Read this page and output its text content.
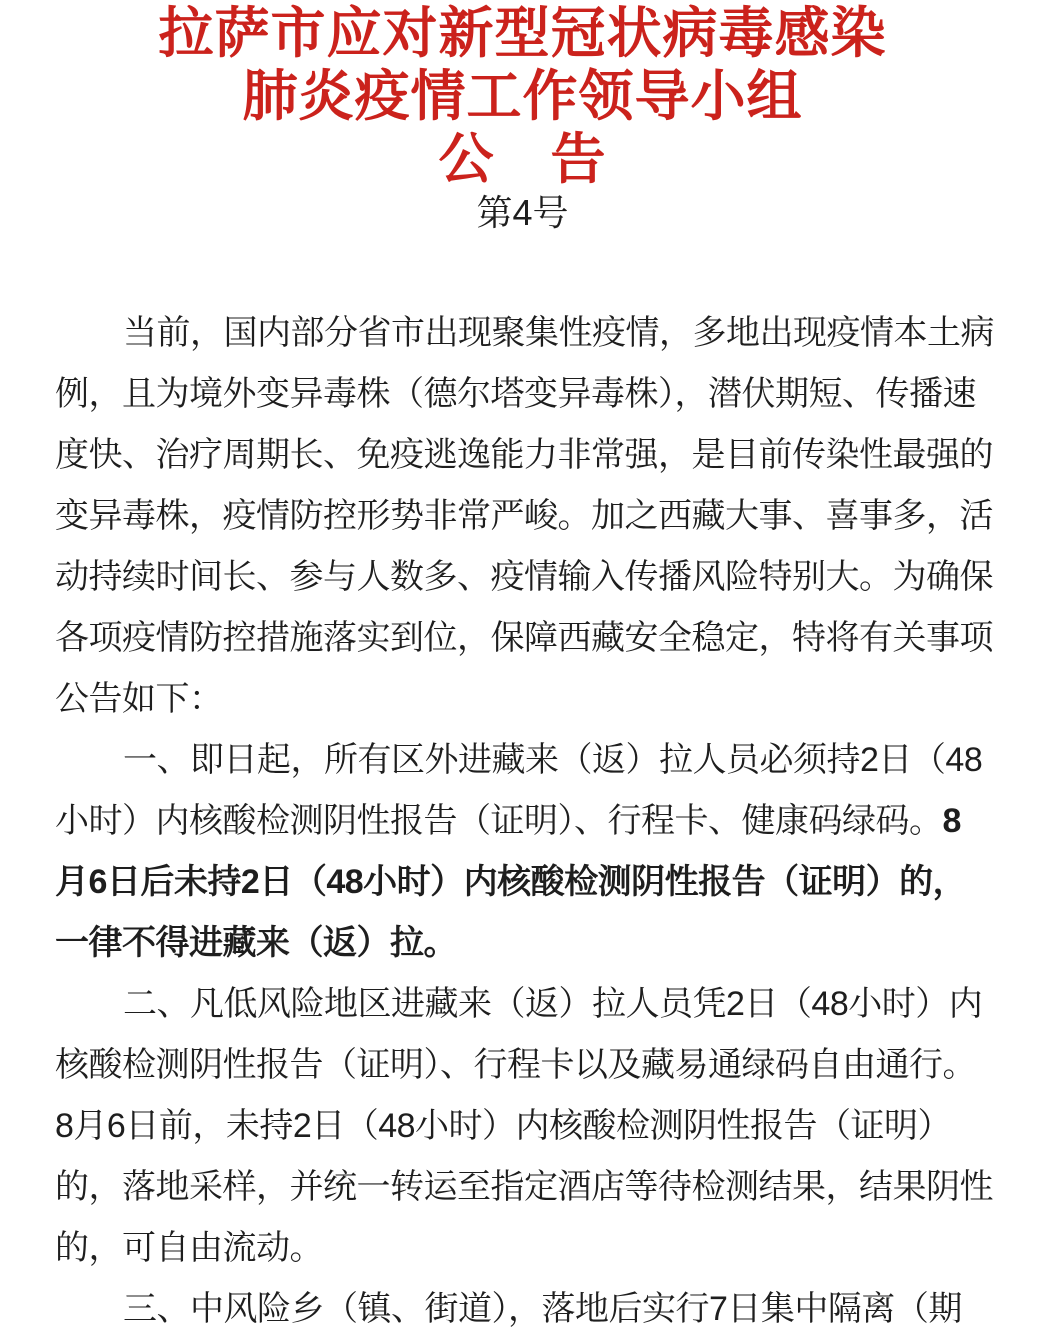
拉萨市应对新型冠状病毒感染
肺炎疫情工作领导小组
公　告
第4号
当前，国内部分省市出现聚集性疫情，多地出现疫情本土病
例，且为境外变异毒株（德尔塔变异毒株），潜伏期短、传播速
度快、治疗周期长、免疫逃逸能力非常强，是目前传染性最强的
变异毒株，疫情防控形势非常严峻。加之西藏大事、喜事多，活
动持续时间长、参与人数多、疫情输入传播风险特别大。为确保
各项疫情防控措施落实到位，保障西藏安全稳定，特将有关事项
公告如下：
一、即日起，所有区外进藏来（返）拉人员必须持2日（48
小时）内核酸检测阴性报告（证明）、行程卡、健康码绿码。8
月6日后未持2日（48小时）内核酸检测阴性报告（证明）的，
一律不得进藏来（返）拉。
二、凡低风险地区进藏来（返）拉人员凭2日（48小时）内
核酸检测阴性报告（证明）、行程卡以及藏易通绿码自由通行。
8月6日前，未持2日（48小时）内核酸检测阴性报告（证明）
的，落地采样，并统一转运至指定酒店等待检测结果，结果阴性
的，可自由流动。
三、中风险乡（镇、街道），落地后实行7日集中隔离（期
